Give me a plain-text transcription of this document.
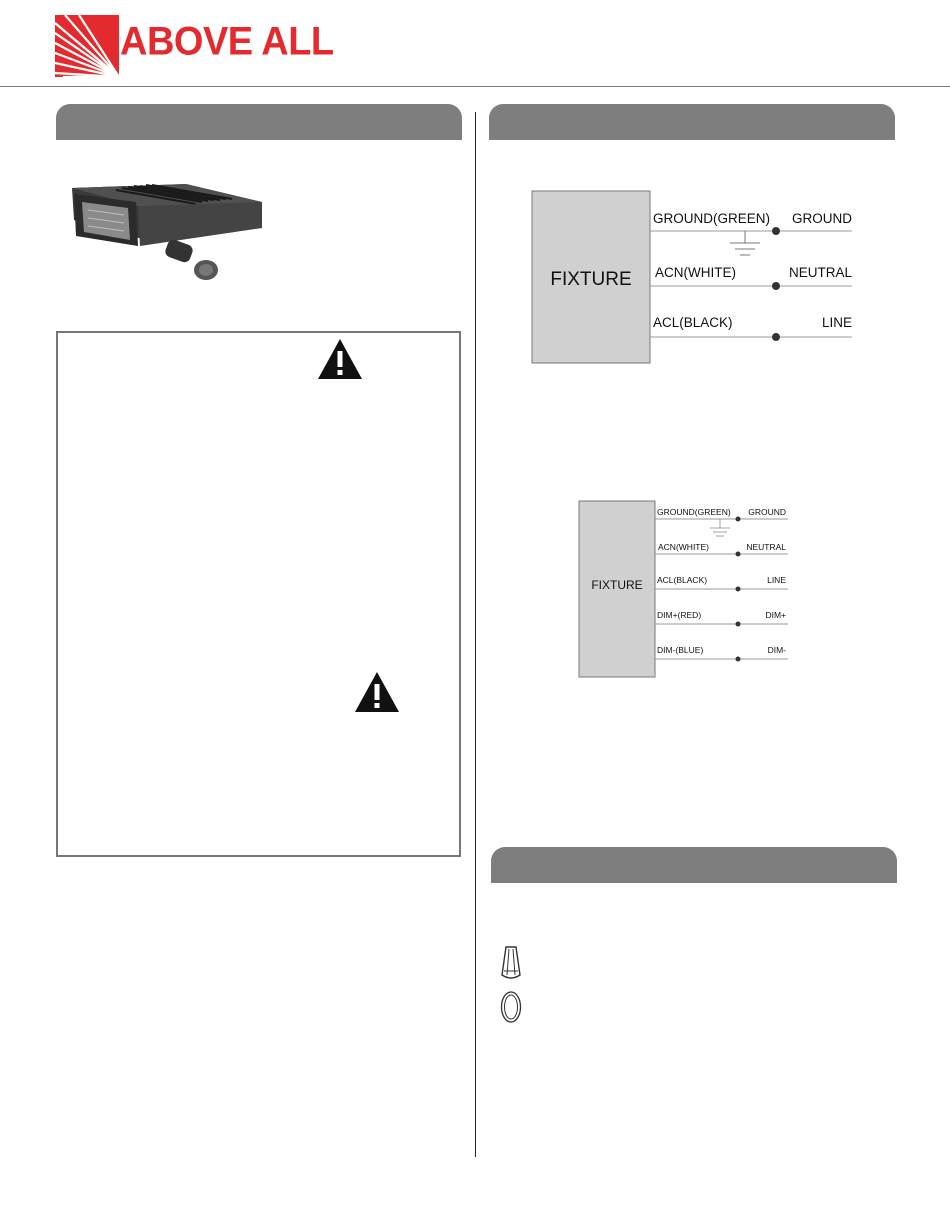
ABOVE ALL
FIXTURE
GROUND(GREEN) GROUND
ACN(WHITE)	NEUTRAL
ACL(BLACK)	LINE
FIXTURE
GROUND(GREEN) GROUND
ACN(WHITE)	NEUTRAL
ACL(BLACK)	LINE
DIM+(RED)	DIM+
DIM-(BLUE)	DIM-
